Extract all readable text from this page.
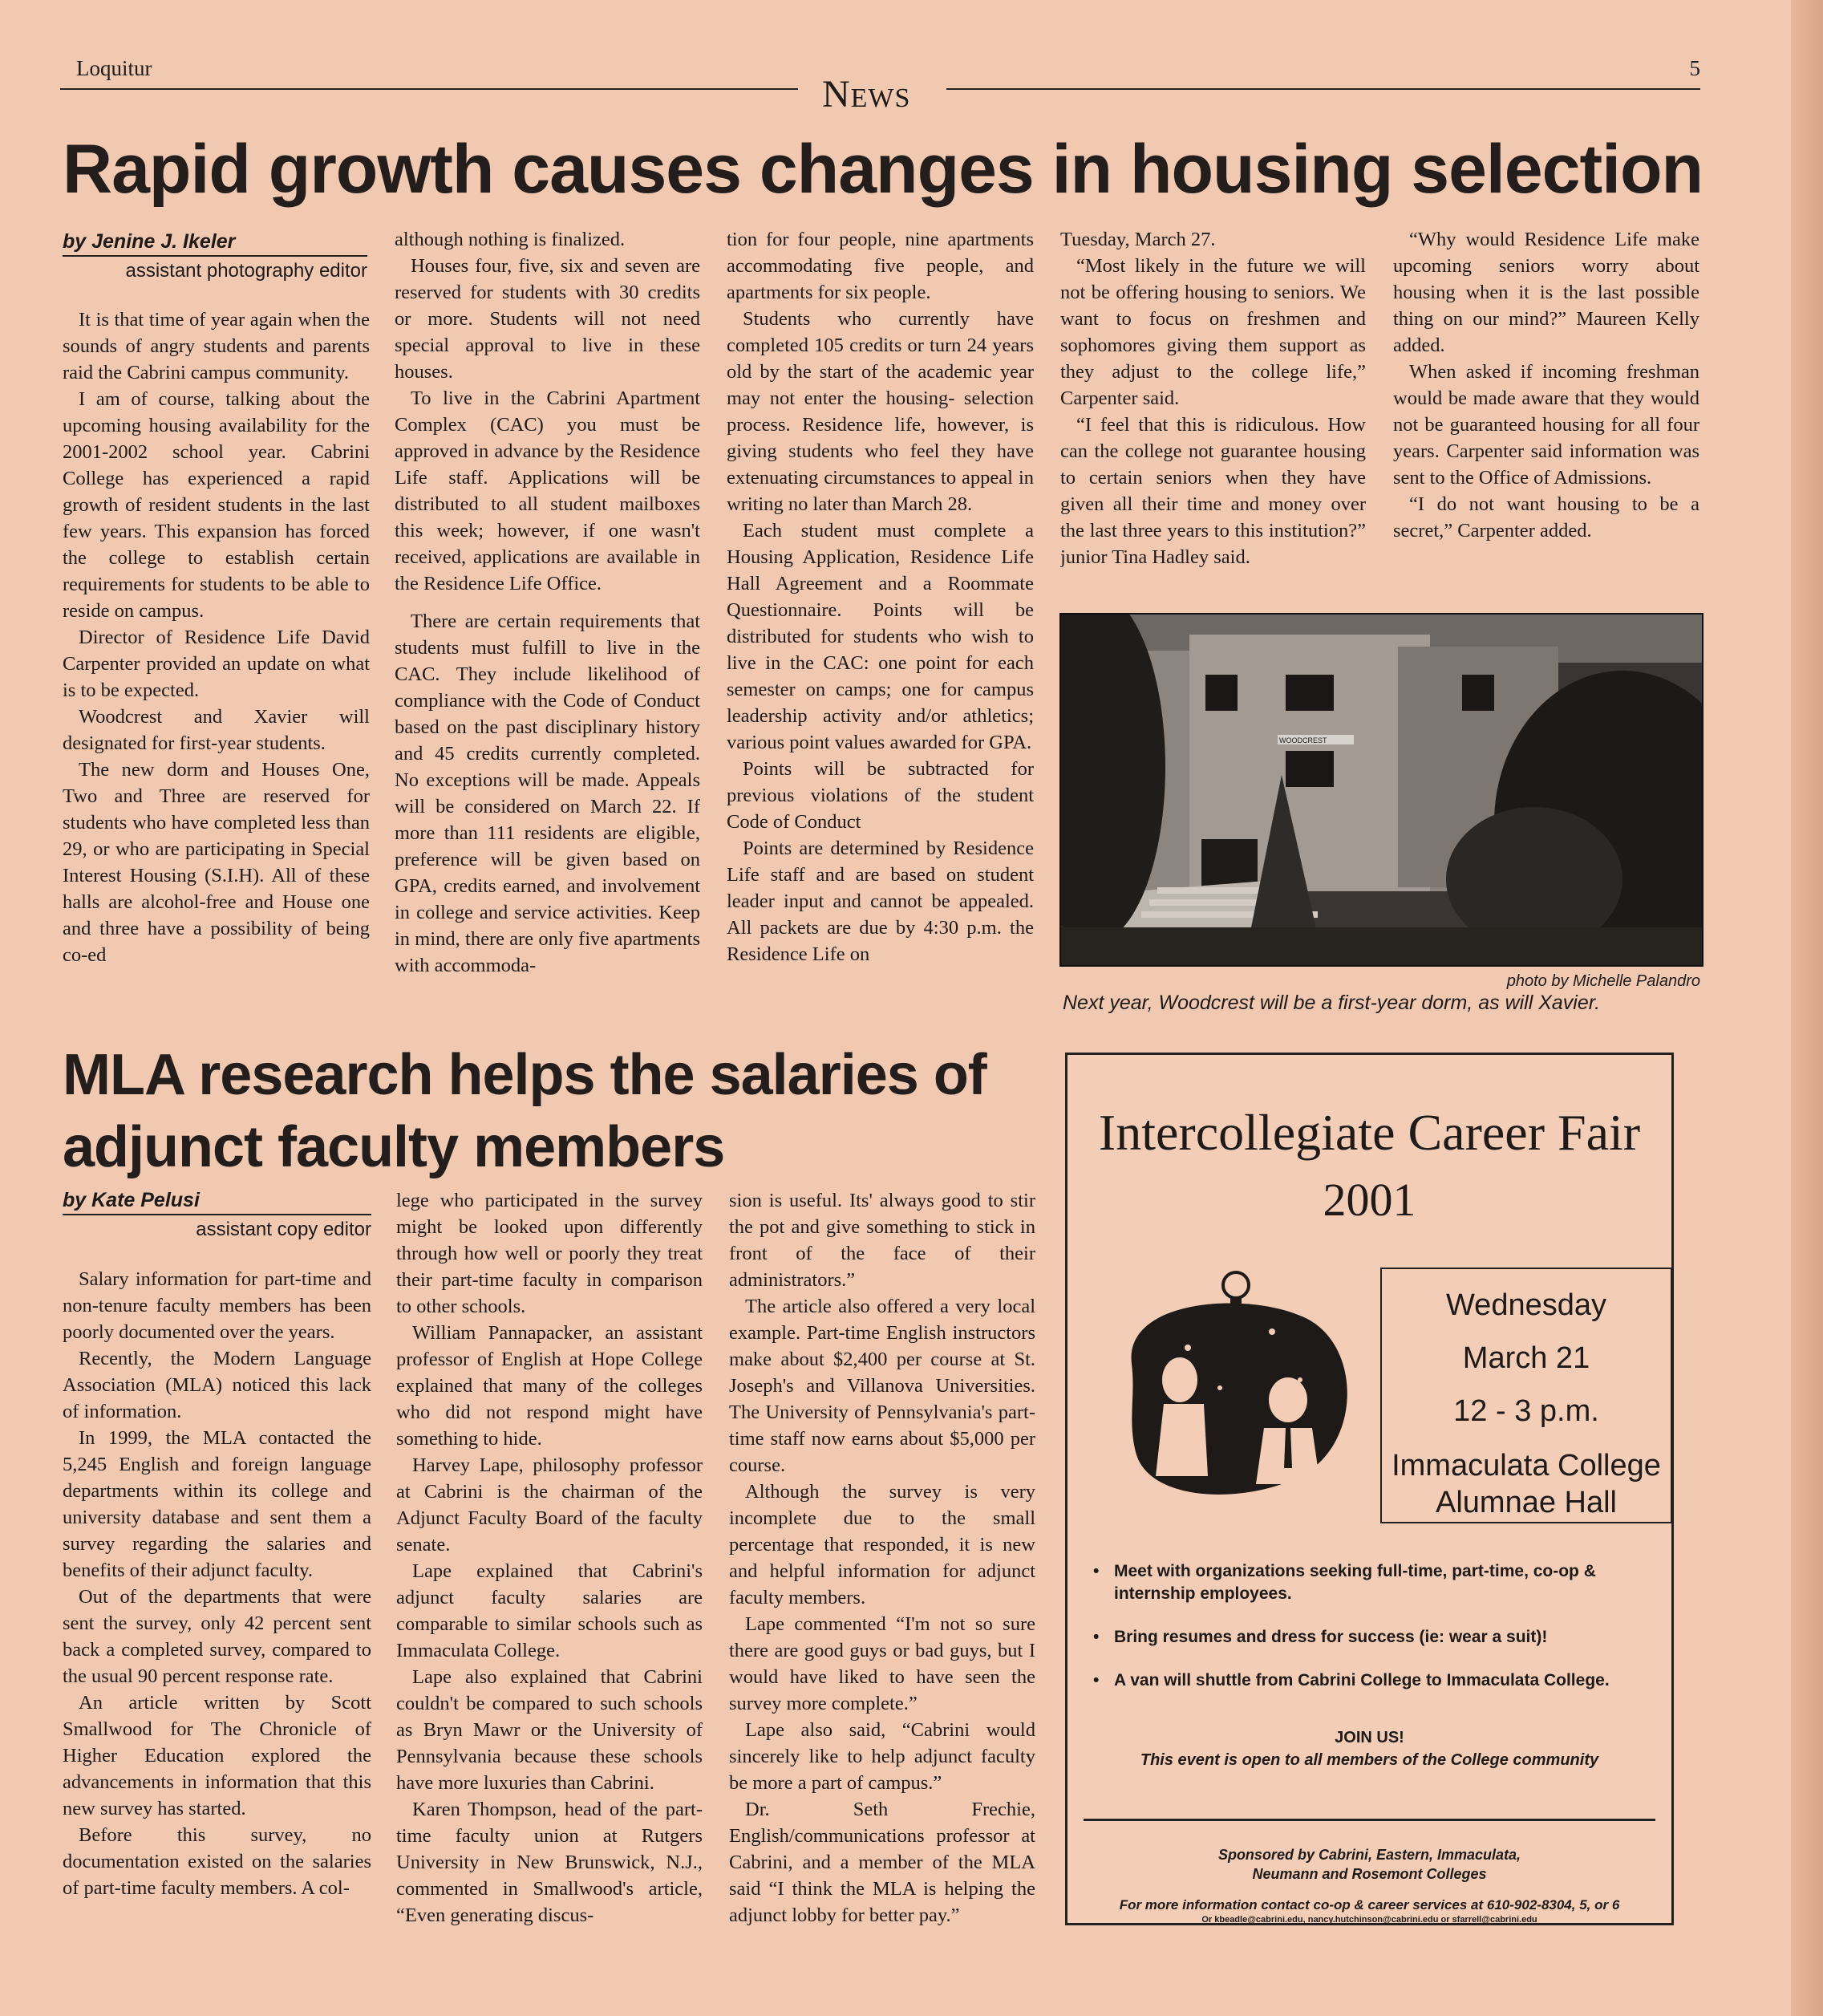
Loquitur
News
5
Rapid growth causes changes in housing selection
by Jenine J. Ikeler
assistant photography editor

It is that time of year again when the sounds of angry students and parents raid the Cabrini campus community.

I am of course, talking about the upcoming housing availability for the 2001-2002 school year. Cabrini College has experienced a rapid growth of resident students in the last few years. This expansion has forced the college to establish certain requirements for students to be able to reside on campus.

Director of Residence Life David Carpenter provided an update on what is to be expected.

Woodcrest and Xavier will designated for first-year students.

The new dorm and Houses One, Two and Three are reserved for students who have completed less than 29, or who are participating in Special Interest Housing (S.I.H). All of these halls are alcohol-free and House one and three have a possibility of being co-ed

although nothing is finalized.

Houses four, five, six and seven are reserved for students with 30 credits or more. Students will not need special approval to live in these houses.

To live in the Cabrini Apartment Complex (CAC) you must be approved in advance by the Residence Life staff. Applications will be distributed to all student mailboxes this week; however, if one wasn't received, applications are available in the Residence Life Office.

There are certain requirements that students must fulfill to live in the CAC. They include likelihood of compliance with the Code of Conduct based on the past disciplinary history and 45 credits currently completed. No exceptions will be made. Appeals will be considered on March 22. If more than 111 residents are eligible, preference will be given based on GPA, credits earned, and involvement in college and service activities. Keep in mind, there are only five apartments with accommoda-

tion for four people, nine apartments accommodating five people, and apartments for six people.

Students who currently have completed 105 credits or turn 24 years old by the start of the academic year may not enter the housing- selection process. Residence life, however, is giving students who feel they have extenuating circumstances to appeal in writing no later than March 28.

Each student must complete a Housing Application, Residence Life Hall Agreement and a Roommate Questionnaire. Points will be distributed for students who wish to live in the CAC: one point for each semester on camps; one for campus leadership activity and/or athletics; various point values awarded for GPA.

Points will be subtracted for previous violations of the student Code of Conduct

Points are determined by Residence Life staff and are based on student leader input and cannot be appealed. All packets are due by 4:30 p.m. the Residence Life on

Tuesday, March 27.

“Most likely in the future we will not be offering housing to seniors. We want to focus on freshmen and sophomores giving them support as they adjust to the college life,” Carpenter said.

“I feel that this is ridiculous. How can the college not guarantee housing to certain seniors when they have given all their time and money over the last three years to this institution?” junior Tina Hadley said.

“Why would Residence Life make upcoming seniors worry about housing when it is the last possible thing on our mind?” Maureen Kelly added.

When asked if incoming freshman would be made aware that they would not be guaranteed housing for all four years. Carpenter said information was sent to the Office of Admissions.

“I do not want housing to be a secret,” Carpenter added.

WOODCREST
photo by Michelle Palandro
Next year, Woodcrest will be a first-year dorm, as will Xavier.
MLA research helps the salaries of adjunct faculty members
by Kate Pelusi
assistant copy editor

Salary information for part-time and non-tenure faculty members has been poorly documented over the years.

Recently, the Modern Language Association (MLA) noticed this lack of information.

In 1999, the MLA contacted the 5,245 English and foreign language departments within its college and university database and sent them a survey regarding the salaries and benefits of their adjunct faculty.

Out of the departments that were sent the survey, only 42 percent sent back a completed survey, compared to the usual 90 percent response rate.

An article written by Scott Smallwood for The Chronicle of Higher Education explored the advancements in information that this new survey has started.

Before this survey, no documentation existed on the salaries of part-time faculty members. A col-

lege who participated in the survey might be looked upon differently through how well or poorly they treat their part-time faculty in comparison to other schools.

William Pannapacker, an assistant professor of English at Hope College explained that many of the colleges who did not respond might have something to hide.

Harvey Lape, philosophy professor at Cabrini is the chairman of the Adjunct Faculty Board of the faculty senate.

Lape explained that Cabrini's adjunct faculty salaries are comparable to similar schools such as Immaculata College.

Lape also explained that Cabrini couldn't be compared to such schools as Bryn Mawr or the University of Pennsylvania because these schools have more luxuries than Cabrini.

Karen Thompson, head of the part-time faculty union at Rutgers University in New Brunswick, N.J., commented in Smallwood's article, “Even generating discus-

sion is useful. Its' always good to stir the pot and give something to stick in front of the face of their administrators.”

The article also offered a very local example. Part-time English instructors make about $2,400 per course at St. Joseph's and Villanova Universities. The University of Pennsylvania's part-time staff now earns about $5,000 per course.

Although the survey is very incomplete due to the small percentage that responded, it is new and helpful information for adjunct faculty members.

Lape commented “I'm not so sure there are good guys or bad guys, but I would have liked to have seen the survey more complete.”

Lape also said, “Cabrini would sincerely like to help adjunct faculty be more a part of campus.”

Dr. Seth Frechie, English/communications professor at Cabrini, and a member of the MLA said “I think the MLA is helping the adjunct lobby for better pay.”

Intercollegiate Career Fair
2001
Wednesday
March 21
12 - 3 p.m.
Immaculata College Alumnae Hall
• Meet with organizations seeking full-time, part-time, co-op & internship employees.
• Bring resumes and dress for success (ie: wear a suit)!
• A van will shuttle from Cabrini College to Immaculata College.
JOIN US!
This event is open to all members of the College community
Sponsored by Cabrini, Eastern, Immaculata,
Neumann and Rosemont Colleges
For more information contact co-op & career services at 610-902-8304, 5, or 6
Or kbeadle@cabrini.edu, nancy.hutchinson@cabrini.edu or sfarrell@cabrini.edu
